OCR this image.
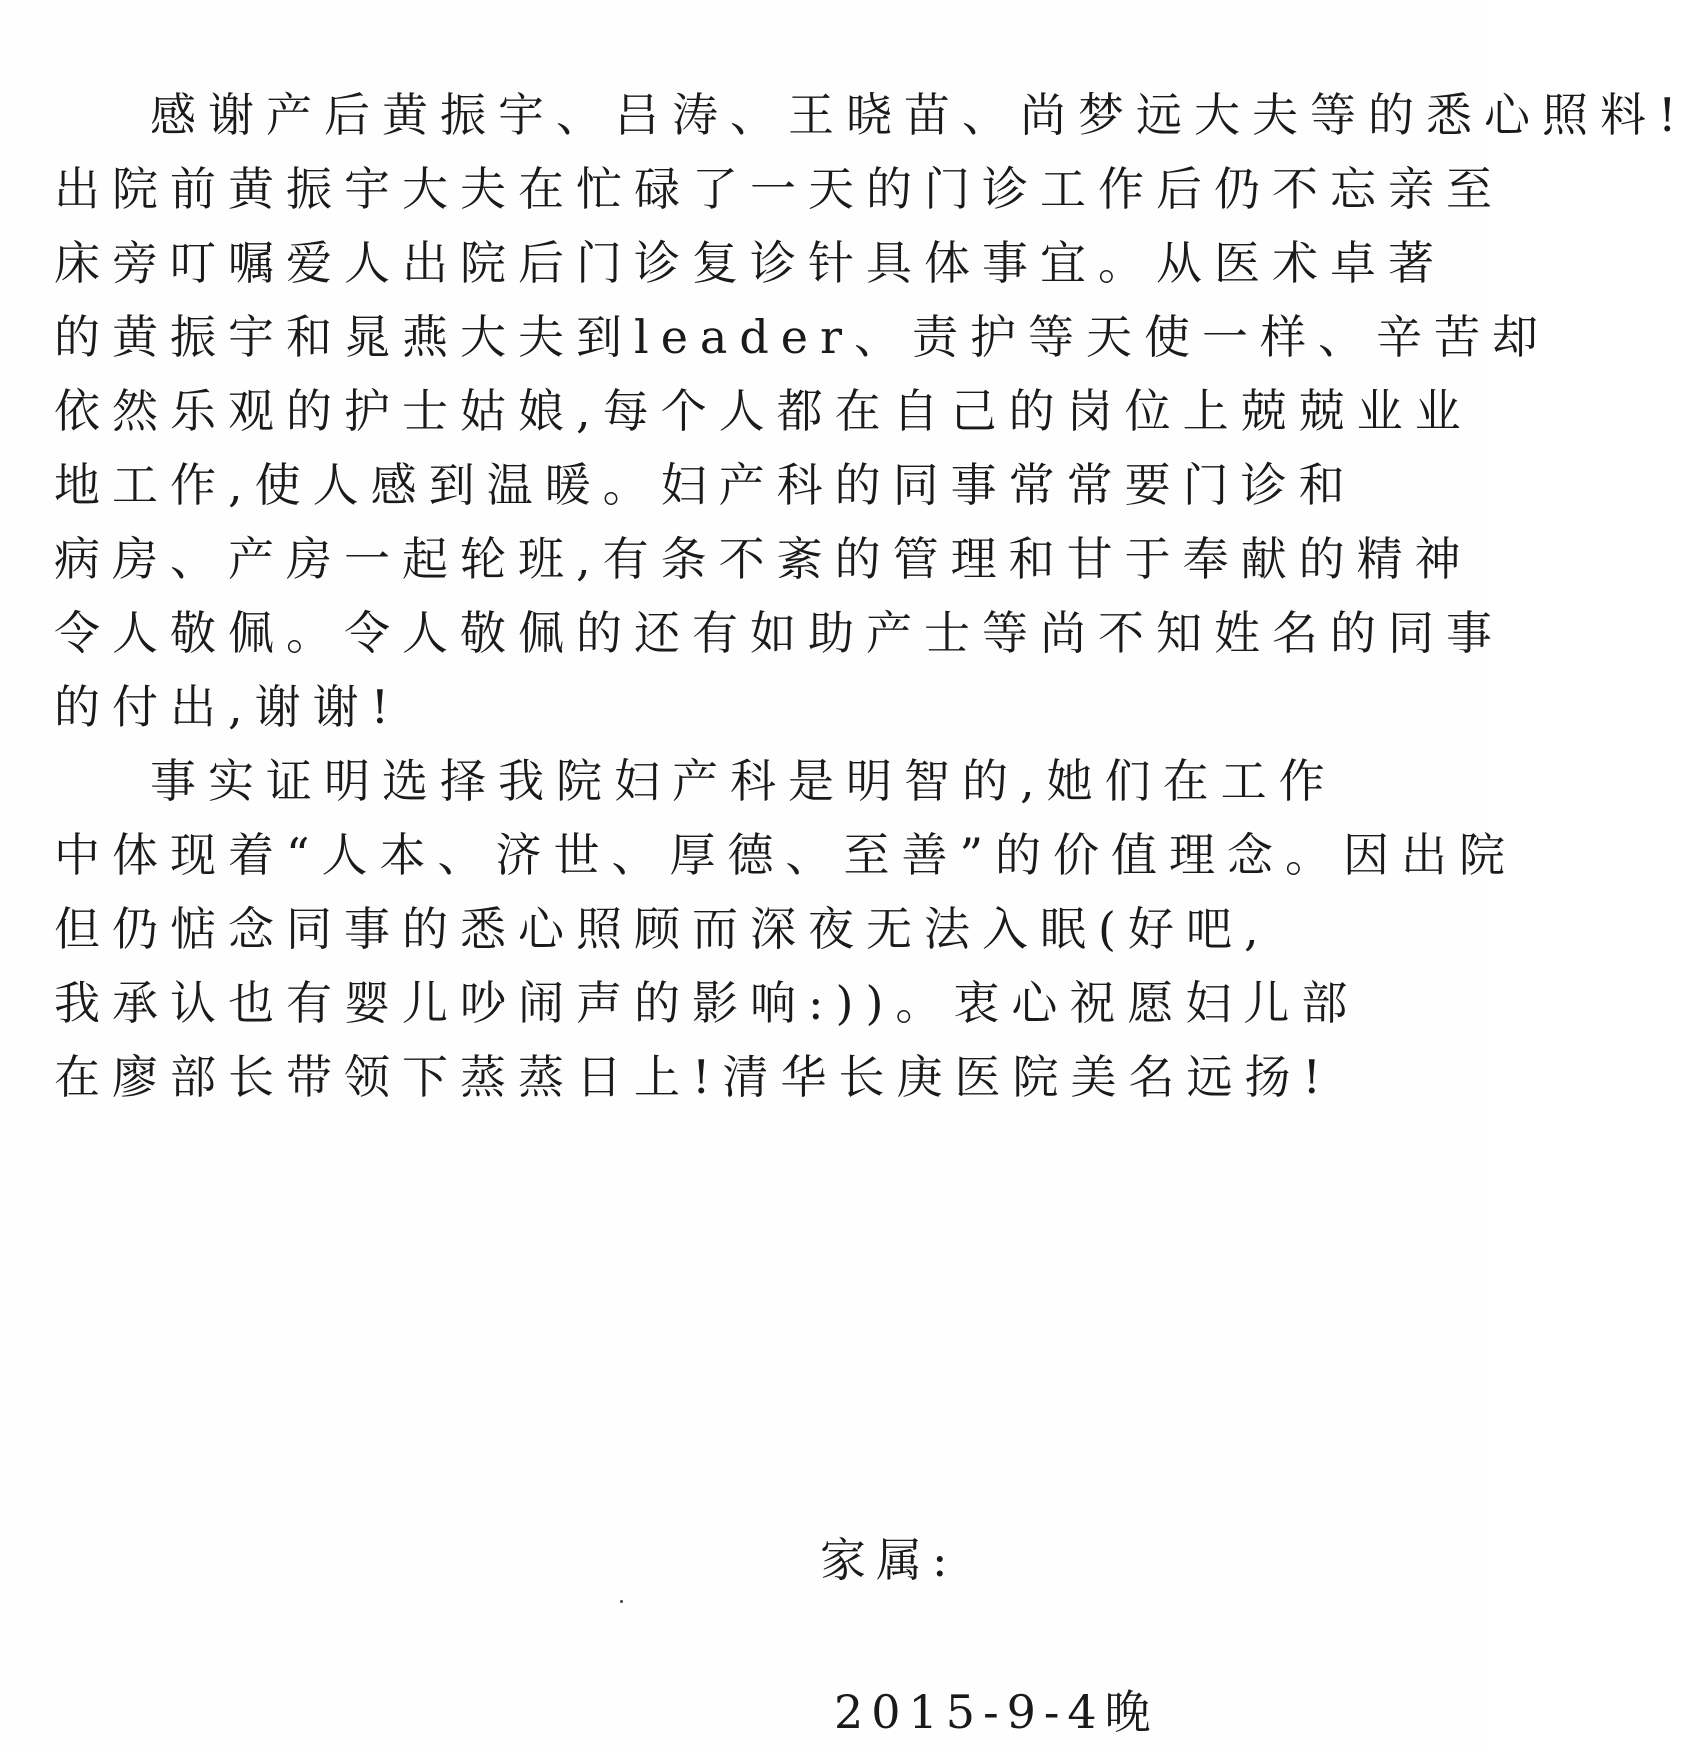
感谢产后黄振宇、吕涛、王晓苗、尚梦远大夫等的悉心照料!
出院前黄振宇大夫在忙碌了一天的门诊工作后仍不忘亲至
床旁叮嘱爱人出院后门诊复诊针具体事宜。从医术卓著
的黄振宇和晁燕大夫到leader、责护等天使一样、辛苦却
依然乐观的护士姑娘,每个人都在自己的岗位上兢兢业业
地工作,使人感到温暖。妇产科的同事常常要门诊和
病房、产房一起轮班,有条不紊的管理和甘于奉献的精神
令人敬佩。令人敬佩的还有如助产士等尚不知姓名的同事
的付出,谢谢!
事实证明选择我院妇产科是明智的,她们在工作
中体现着“人本、济世、厚德、至善”的价值理念。因出院
但仍惦念同事的悉心照顾而深夜无法入眠(好吧,
我承认也有婴儿吵闹声的影响:))。衷心祝愿妇儿部
在廖部长带领下蒸蒸日上!清华长庚医院美名远扬!
家属:
2015-9-4晚
